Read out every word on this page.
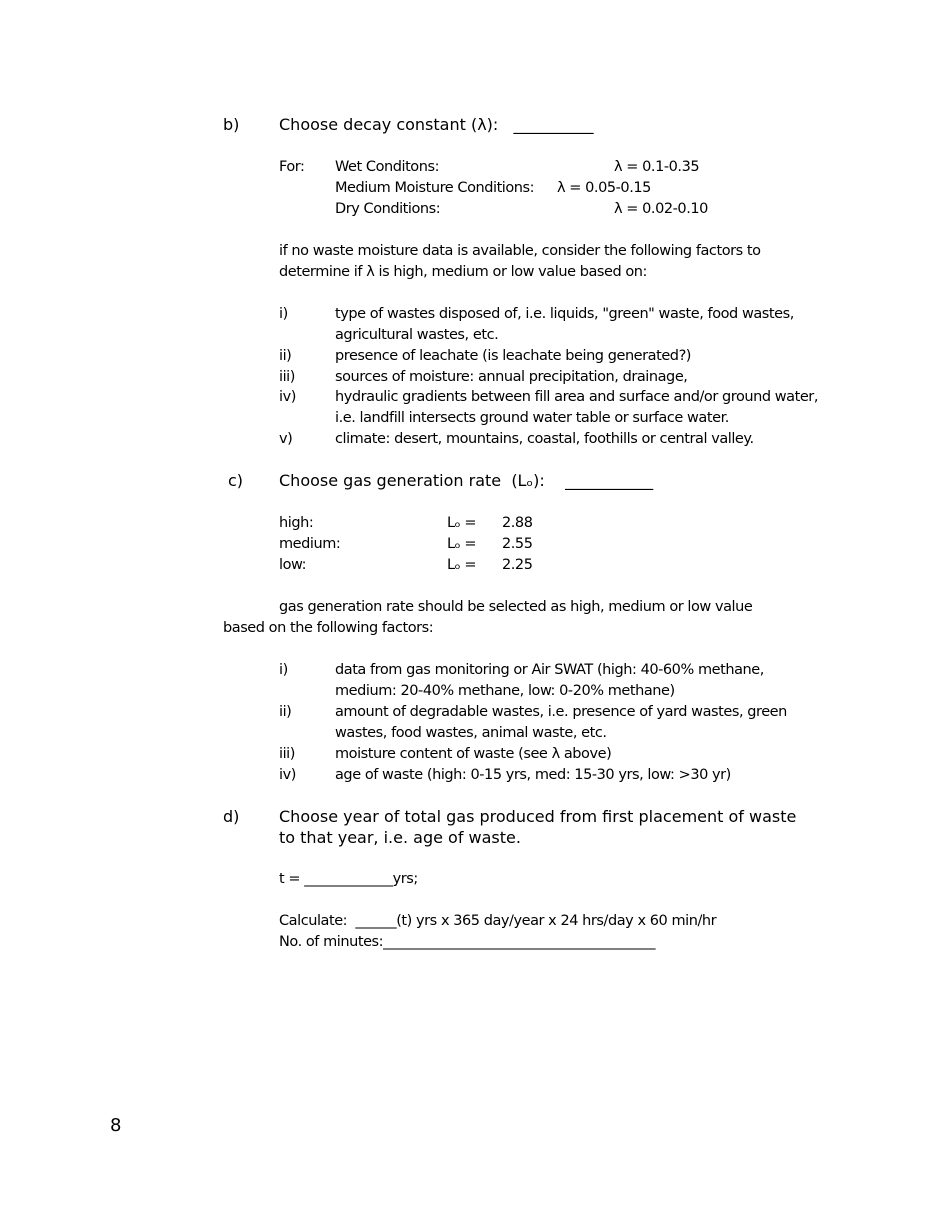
b) Choose decay constant (λ):   __________
For: Wet Conditons:	λ = 0.1-0.35
Medium Moisture Conditions: λ = 0.05-0.15
Dry Conditions:	λ = 0.02-0.10
if no waste moisture data is available, consider the following factors to
determine if λ is high, medium or low value based on:
i)	type of wastes disposed of, i.e. liquids, "green" waste, food wastes,
agricultural wastes, etc.
ii)	presence of leachate (is leachate being generated?)
iii)	sources of moisture: annual precipitation, drainage,
iv)	hydraulic gradients between fill area and surface and/or ground water,
i.e. landfill intersects ground water table or surface water.
v)	climate: desert, mountains, coastal, foothills or central valley.
c) Choose gas generation rate  (Lₒ):    ___________
high:	Lₒ = 2.88
medium:	Lₒ = 2.55
low:	Lₒ = 2.25
gas generation rate should be selected as high, medium or low value
based on the following factors:
i)	data from gas monitoring or Air SWAT (high: 40-60% methane,
medium: 20-40% methane, low: 0-20% methane)
ii)	amount of degradable wastes, i.e. presence of yard wastes, green
wastes, food wastes, animal waste, etc.
iii)	moisture content of waste (see λ above)
iv)	age of waste (high: 0-15 yrs, med: 15-30 yrs, low: >30 yr)
d) Choose year of total gas produced from first placement of waste
to that year, i.e. age of waste.
t = _____________yrs;
Calculate:  ______(t) yrs x 365 day/year x 24 hrs/day x 60 min/hr
No. of minutes:________________________________________
8
